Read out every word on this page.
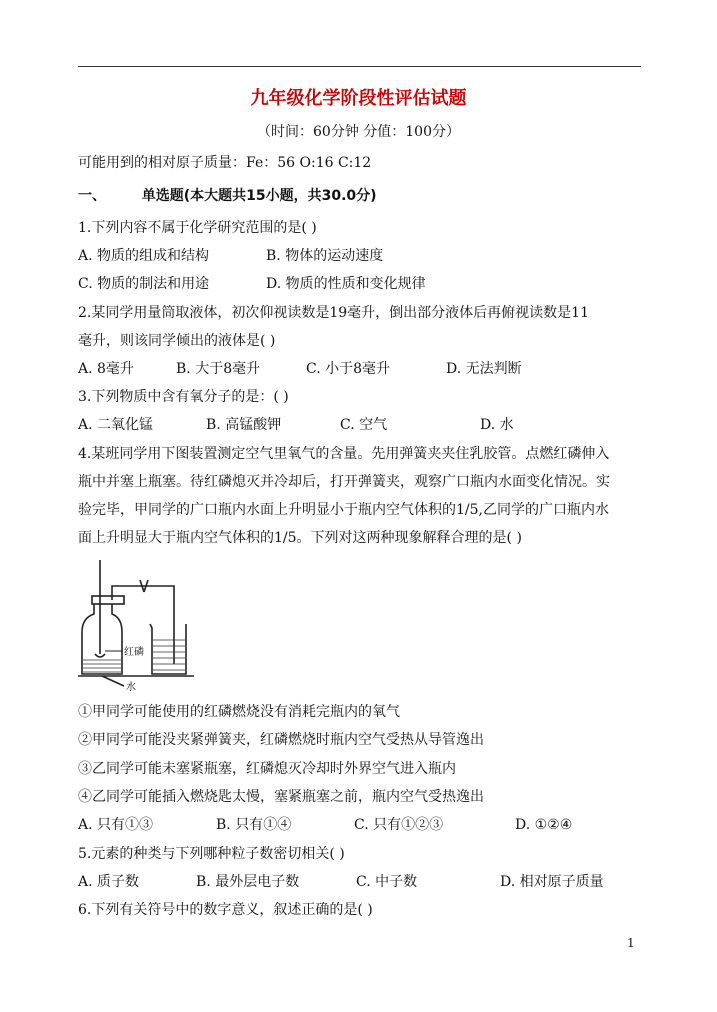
九年级化学阶段性评估试题
（时间：60分钟 分值：100分）
可能用到的相对原子质量：Fe：56 O:16 C:12
一、	单选题(本大题共15小题，共30.0分)
1.下列内容不属于化学研究范围的是( )
A. 物质的组成和结构	B. 物体的运动速度
C. 物质的制法和用途	D. 物质的性质和变化规律
2.某同学用量筒取液体，初次仰视读数是19毫升，倒出部分液体后再俯视读数是11
毫升，则该同学倾出的液体是( )
A. 8毫升	B. 大于8毫升	C. 小于8毫升	D. 无法判断
3.下列物质中含有氧分子的是：( )
A. 二氧化锰	B. 高锰酸钾	C. 空气	D. 水
4.某班同学用下图装置测定空气里氧气的含量。先用弹簧夹夹住乳胶管。点燃红磷伸入
瓶中并塞上瓶塞。待红磷熄灭并冷却后，打开弹簧夹，观察广口瓶内水面变化情况。实
验完毕，甲同学的广口瓶内水面上升明显小于瓶内空气体积的1/5,乙同学的广口瓶内水
面上升明显大于瓶内空气体积的1/5。下列对这两种现象解释合理的是( )
红磷
水
①甲同学可能使用的红磷燃烧没有消耗完瓶内的氧气
②甲同学可能没夹紧弹簧夹，红磷燃烧时瓶内空气受热从导管逸出
③乙同学可能未塞紧瓶塞，红磷熄灭冷却时外界空气进入瓶内
④乙同学可能插入燃烧匙太慢，塞紧瓶塞之前，瓶内空气受热逸出
A. 只有①③	B. 只有①④	C. 只有①②③	D. ①②④
5.元素的种类与下列哪种粒子数密切相关( )
A. 质子数	B. 最外层电子数	C. 中子数	D. 相对原子质量
6.下列有关符号中的数字意义，叙述正确的是( )
1
